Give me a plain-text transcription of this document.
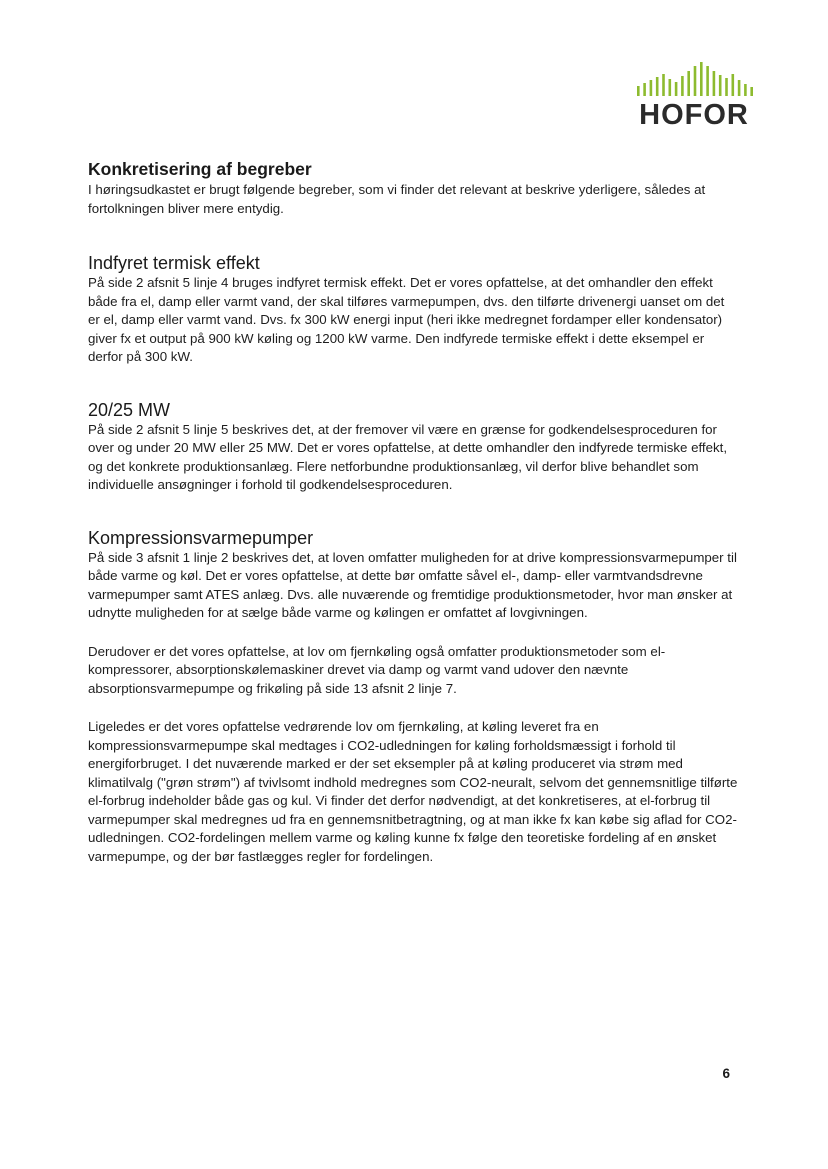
HOFOR
Konkretisering af begreber

I høringsudkastet er brugt følgende begreber, som vi finder det relevant at beskrive yderligere, således at fortolkningen bliver mere entydig.

Indfyret termisk effekt

På side 2 afsnit 5 linje 4 bruges indfyret termisk effekt. Det er vores opfattelse, at det omhandler den effekt både fra el, damp eller varmt vand, der skal tilføres varmepumpen, dvs. den tilførte drivenergi uanset om det er el, damp eller varmt vand. Dvs. fx 300 kW energi input (heri ikke medregnet fordamper eller kondensator) giver fx et output på 900 kW køling og 1200 kW varme. Den indfyrede termiske effekt i dette eksempel er derfor på 300 kW.

20/25 MW

På side 2 afsnit 5 linje 5 beskrives det, at der fremover vil være en grænse for godkendelsesproceduren for over og under 20 MW eller 25 MW. Det er vores opfattelse, at dette omhandler den indfyrede termiske effekt, og det konkrete produktionsanlæg. Flere netforbundne produktionsanlæg, vil derfor blive behandlet som individuelle ansøgninger i forhold til godkendelsesproceduren.

Kompressionsvarmepumper

På side 3 afsnit 1 linje 2 beskrives det, at loven omfatter muligheden for at drive kompressionsvarmepumper til både varme og køl. Det er vores opfattelse, at dette bør omfatte såvel el-, damp- eller varmtvandsdrevne varmepumper samt ATES anlæg. Dvs. alle nuværende og fremtidige produktionsmetoder, hvor man ønsker at udnytte muligheden for at sælge både varme og kølingen er omfattet af lovgivningen.

Derudover er det vores opfattelse, at lov om fjernkøling også omfatter produktionsmetoder som el-kompressorer, absorptionskølemaskiner drevet via damp og varmt vand udover den nævnte absorptionsvarmepumpe og frikøling på side 13 afsnit 2 linje 7.

Ligeledes er det vores opfattelse vedrørende lov om fjernkøling, at køling leveret fra en kompressionsvarmepumpe skal medtages i CO2-udledningen for køling forholdsmæssigt i forhold til energiforbruget. I det nuværende marked er der set eksempler på at køling produceret via strøm med klimatilvalg ("grøn strøm") af tvivlsomt indhold medregnes som CO2-neuralt, selvom det gennemsnitlige tilførte el-forbrug indeholder både gas og kul. Vi finder det derfor nødvendigt, at det konkretiseres, at el-forbrug til varmepumper skal medregnes ud fra en gennemsnitbetragtning, og at man ikke fx kan købe sig aflad for CO2-udledningen. CO2-fordelingen mellem varme og køling kunne fx følge den teoretiske fordeling af en ønsket varmepumpe, og der bør fastlægges regler for fordelingen.

6
